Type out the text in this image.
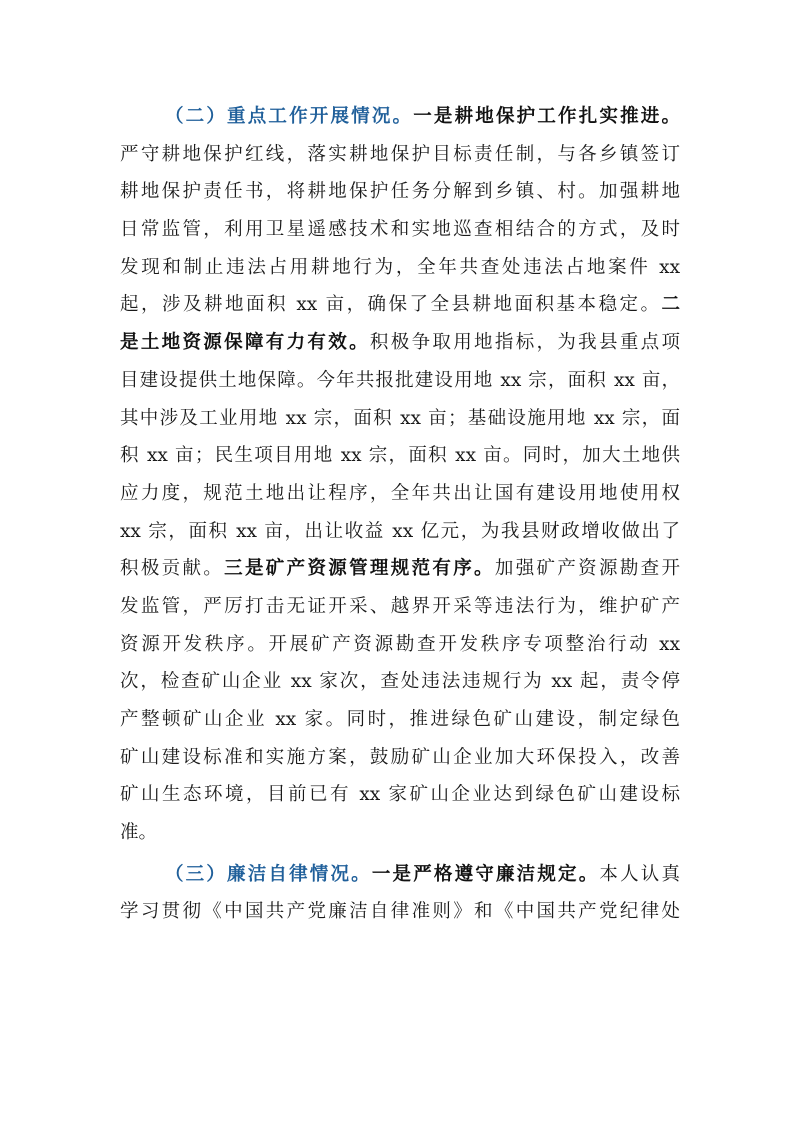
（二）重点工作开展情况。一是耕地保护工作扎实推进。
严守耕地保护红线，落实耕地保护目标责任制，与各乡镇签订
耕地保护责任书，将耕地保护任务分解到乡镇、村。加强耕地
日常监管，利用卫星遥感技术和实地巡查相结合的方式，及时
发现和制止违法占用耕地行为，全年共查处违法占地案件 xx
起，涉及耕地面积 xx 亩，确保了全县耕地面积基本稳定。二
是土地资源保障有力有效。积极争取用地指标，为我县重点项
目建设提供土地保障。今年共报批建设用地 xx 宗，面积 xx 亩，
其中涉及工业用地 xx 宗，面积 xx 亩；基础设施用地 xx 宗，面
积 xx 亩；民生项目用地 xx 宗，面积 xx 亩。同时，加大土地供
应力度，规范土地出让程序，全年共出让国有建设用地使用权
xx 宗，面积 xx 亩，出让收益 xx 亿元，为我县财政增收做出了
积极贡献。三是矿产资源管理规范有序。加强矿产资源勘查开
发监管，严厉打击无证开采、越界开采等违法行为，维护矿产
资源开发秩序。开展矿产资源勘查开发秩序专项整治行动 xx
次，检查矿山企业 xx 家次，查处违法违规行为 xx 起，责令停
产整顿矿山企业 xx 家。同时，推进绿色矿山建设，制定绿色
矿山建设标准和实施方案，鼓励矿山企业加大环保投入，改善
矿山生态环境，目前已有 xx 家矿山企业达到绿色矿山建设标
准。
（三）廉洁自律情况。一是严格遵守廉洁规定。本人认真
学习贯彻《中国共产党廉洁自律准则》和《中国共产党纪律处
